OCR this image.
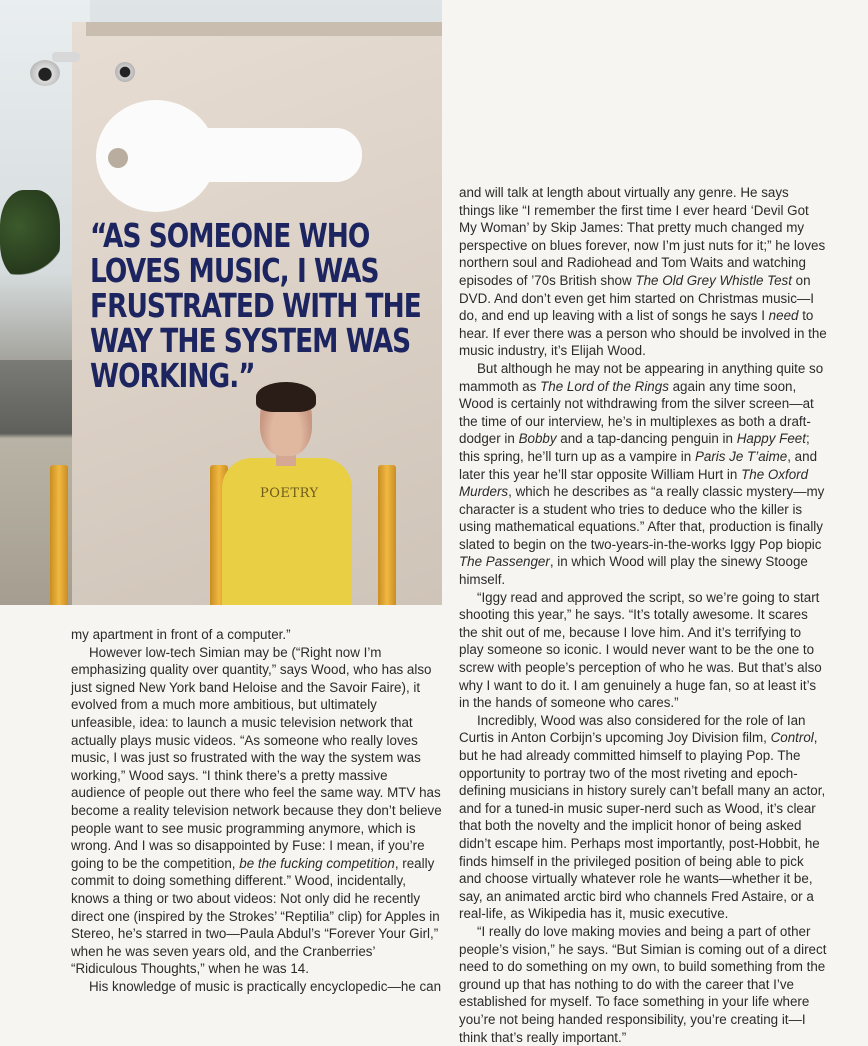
“AS SOMEONE WHO LOVES MUSIC, I WAS FRUSTRATED WITH THE WAY THE SYSTEM WAS WORKING.”

POETRY

and will talk at length about virtually any genre. He says things like “I remember the first time I ever heard ‘Devil Got My Woman’ by Skip James: That pretty much changed my perspective on blues forever, now I’m just nuts for it;” he loves northern soul and Radiohead and Tom Waits and watching episodes of ’70s British show The Old Grey Whistle Test on DVD. And don’t even get him started on Christmas music—I do, and end up leaving with a list of songs he says I need to hear. If ever there was a person who should be involved in the music industry, it’s Elijah Wood.

But although he may not be appearing in anything quite so mammoth as The Lord of the Rings again any time soon, Wood is certainly not withdrawing from the silver screen—at the time of our interview, he’s in multiplexes as both a draft-dodger in Bobby and a tap-dancing penguin in Happy Feet; this spring, he’ll turn up as a vampire in Paris Je T’aime, and later this year he’ll star opposite William Hurt in The Oxford Murders, which he describes as “a really classic mystery—my character is a student who tries to deduce who the killer is using mathematical equations.” After that, production is finally slated to begin on the two-years-in-the-works Iggy Pop biopic The Passenger, in which Wood will play the sinewy Stooge himself.

“Iggy read and approved the script, so we’re going to start shooting this year,” he says. “It’s totally awesome. It scares the shit out of me, because I love him. And it’s terrifying to play someone so iconic. I would never want to be the one to screw with people’s perception of who he was. But that’s also why I want to do it. I am genuinely a huge fan, so at least it’s in the hands of someone who cares.”

Incredibly, Wood was also considered for the role of Ian Curtis in Anton Corbijn’s upcoming Joy Division film, Control, but he had already committed himself to playing Pop. The opportunity to portray two of the most riveting and epoch-defining musicians in history surely can’t befall many an actor, and for a tuned-in music super-nerd such as Wood, it’s clear that both the novelty and the implicit honor of being asked didn’t escape him. Perhaps most importantly, post-Hobbit, he finds himself in the privileged position of being able to pick and choose virtually whatever role he wants—whether it be, say, an animated arctic bird who channels Fred Astaire, or a real-life, as Wikipedia has it, music executive.

“I really do love making movies and being a part of other people’s vision,” he says. “But Simian is coming out of a direct need to do something on my own, to build something from the ground up that has nothing to do with the career that I’ve established for myself. To face something in your life where you’re not being handed responsibility, you’re creating it—I think that’s really important.”

my apartment in front of a computer.”

However low-tech Simian may be (“Right now I’m emphasizing quality over quantity,” says Wood, who has also just signed New York band Heloise and the Savoir Faire), it evolved from a much more ambitious, but ultimately unfeasible, idea: to launch a music television network that actually plays music videos. “As someone who really loves music, I was just so frustrated with the way the system was working,” Wood says. “I think there’s a pretty massive audience of people out there who feel the same way. MTV has become a reality television network because they don’t believe people want to see music programming anymore, which is wrong. And I was so disappointed by Fuse: I mean, if you’re going to be the competition, be the fucking competition, really commit to doing something different.” Wood, incidentally, knows a thing or two about videos: Not only did he recently direct one (inspired by the Strokes’ “Reptilia” clip) for Apples in Stereo, he’s starred in two—Paula Abdul’s “Forever Your Girl,” when he was seven years old, and the Cranberries’ “Ridiculous Thoughts,” when he was 14.

His knowledge of music is practically encyclopedic—he can
